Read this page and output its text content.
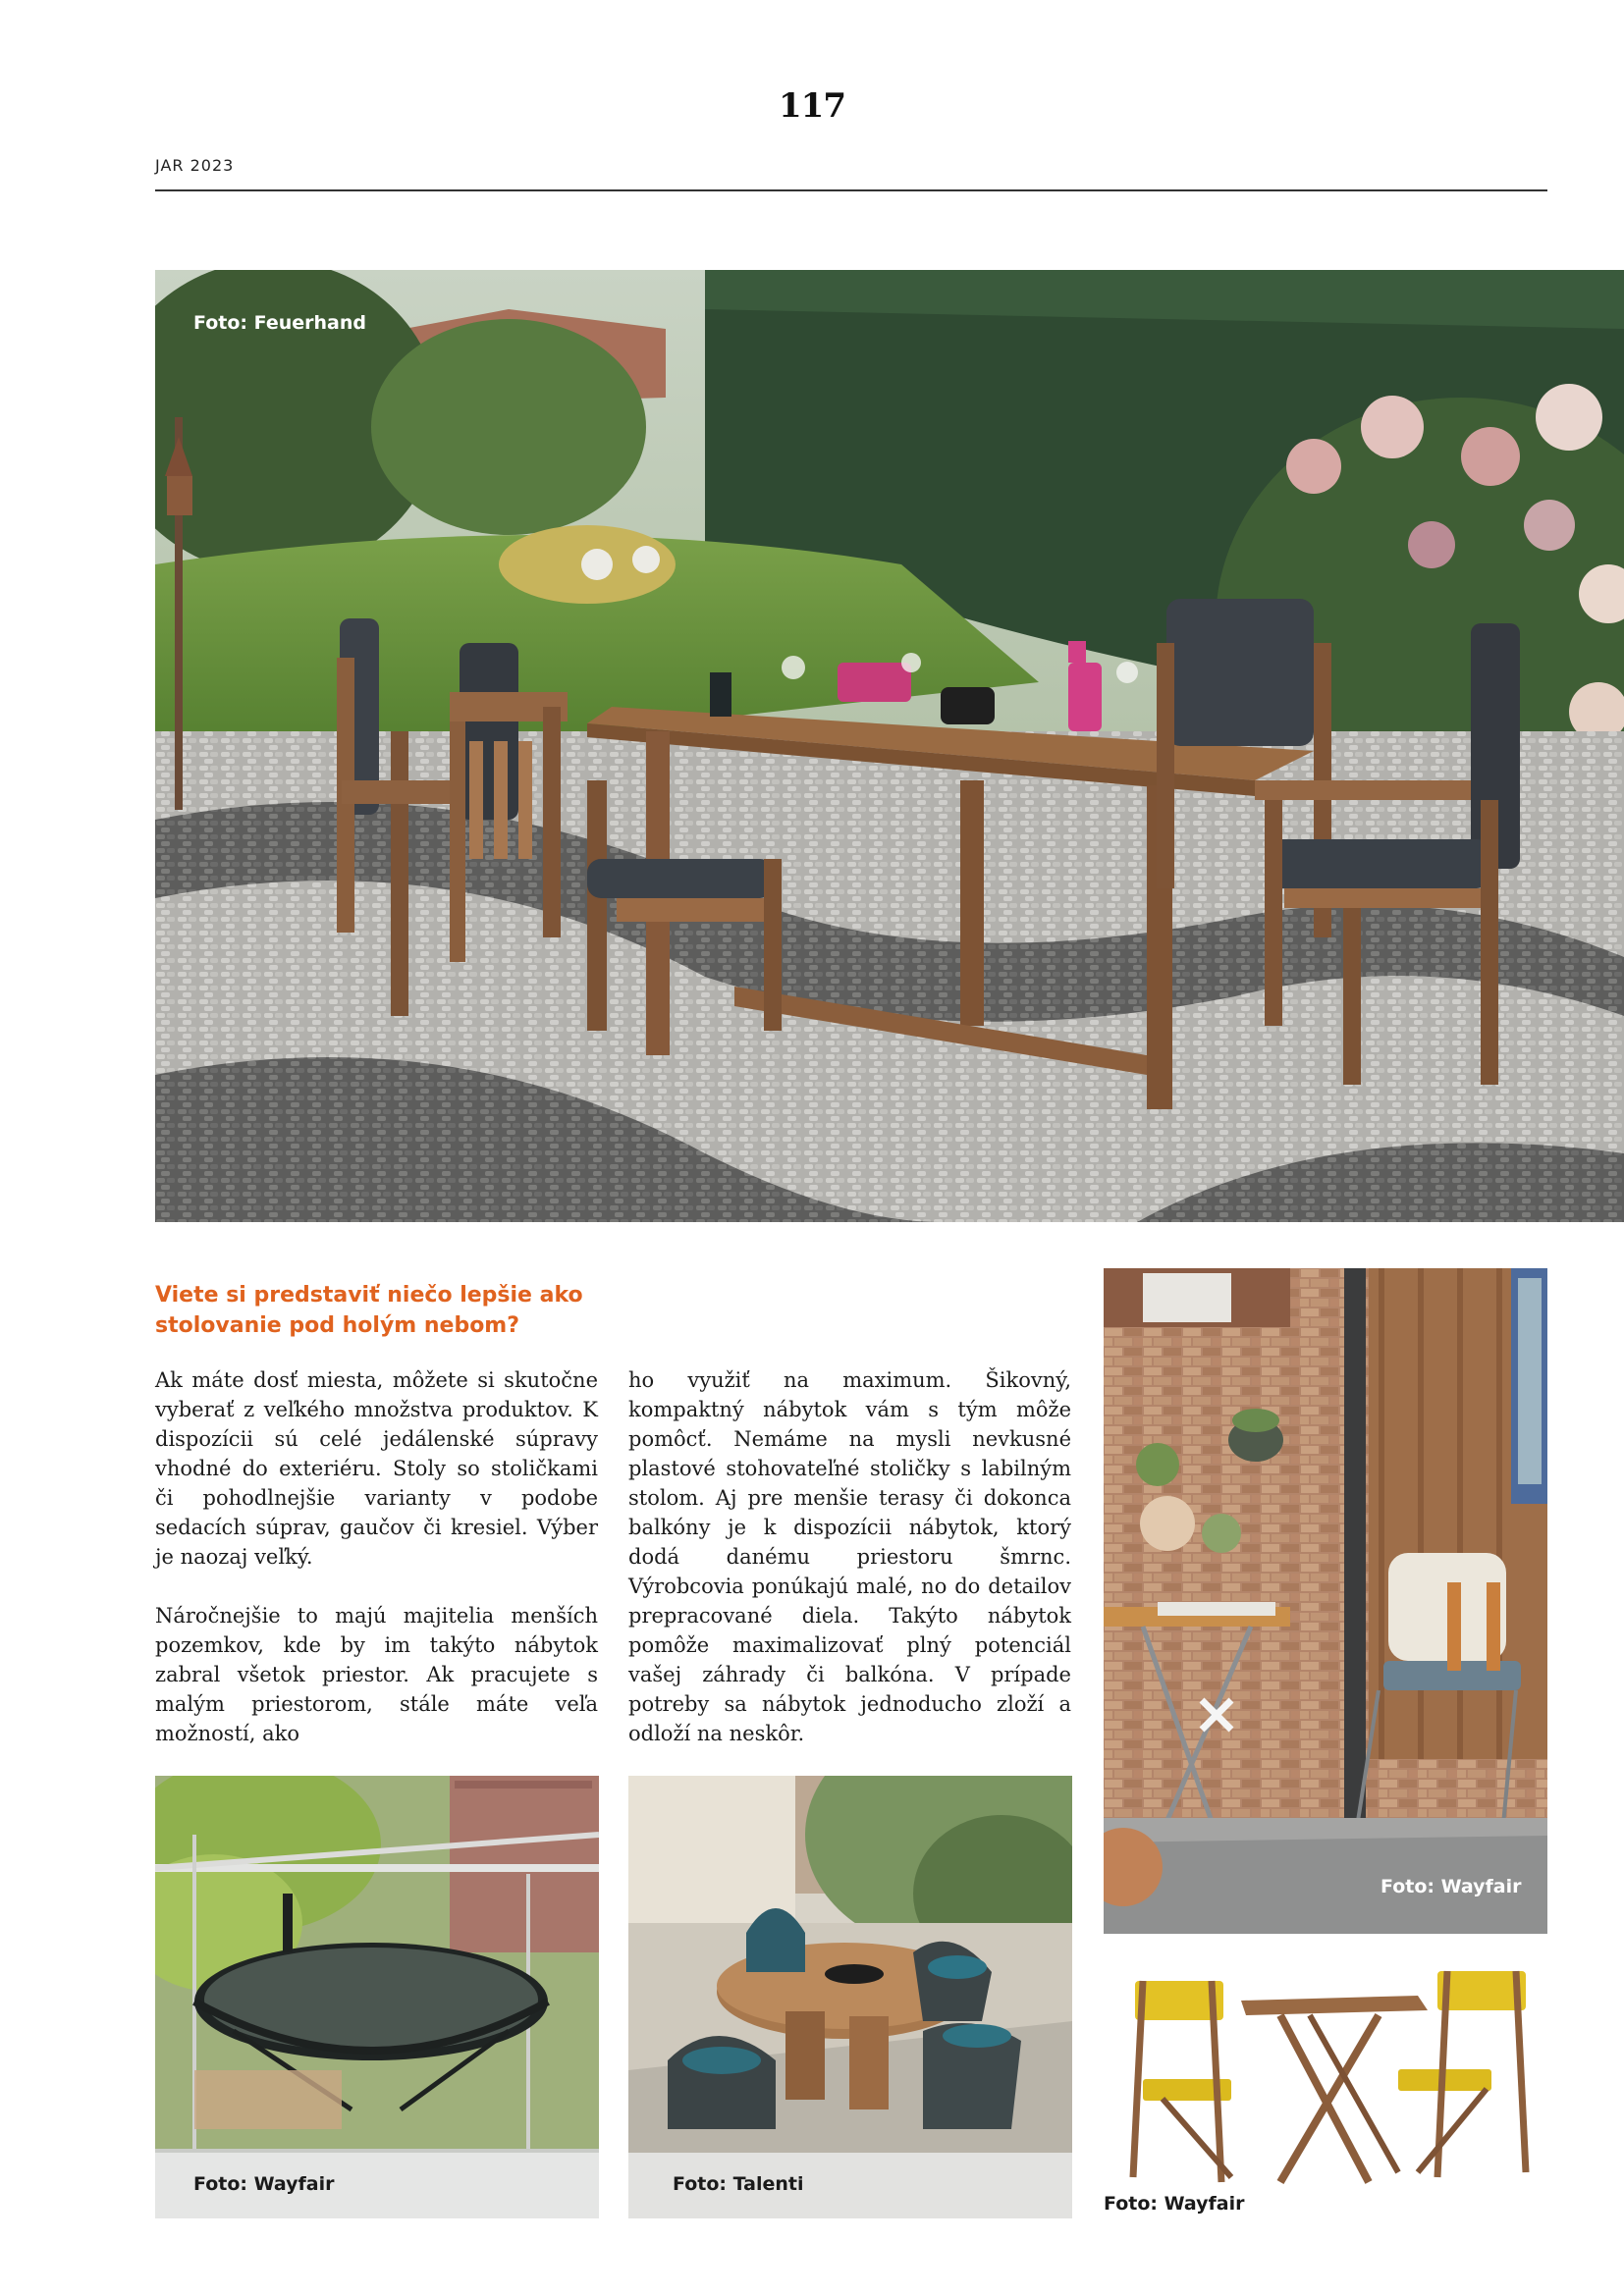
117
JAR 2023
Foto: Feuerhand
Viete si predstaviť niečo lepšie ako stolovanie pod holým nebom?

Ak máte dosť miesta, môžete si skutočne vyberať z veľkého množstva produktov. K dispozícii sú celé jedálenské súpravy vhodné do exteriéru. Stoly so stoličkami či pohodlnejšie varianty v podobe sedacích súprav, gaučov či kresiel. Výber je naozaj veľký.

Náročnejšie to majú majitelia menších pozemkov, kde by im takýto nábytok zabral všetok priestor. Ak pracujete s malým priestorom, stále máte veľa možností, ako

ho využiť na maximum. Šikovný, kompaktný nábytok vám s tým môže pomôcť. Nemáme na mysli nevkusné plastové stohovateľné stoličky s labilným stolom. Aj pre menšie terasy či dokonca balkóny je k dispozícii nábytok, ktorý dodá danému priestoru šmrnc. Výrobcovia ponúkajú malé, no do detailov prepracované diela. Takýto nábytok pomôže maximalizovať plný potenciál vašej záhrady či balkóna. V prípade potreby sa nábytok jednoducho zloží a odloží na neskôr.

Foto: Wayfair
Foto: Wayfair	Foto: Talenti
Foto: Wayfair
